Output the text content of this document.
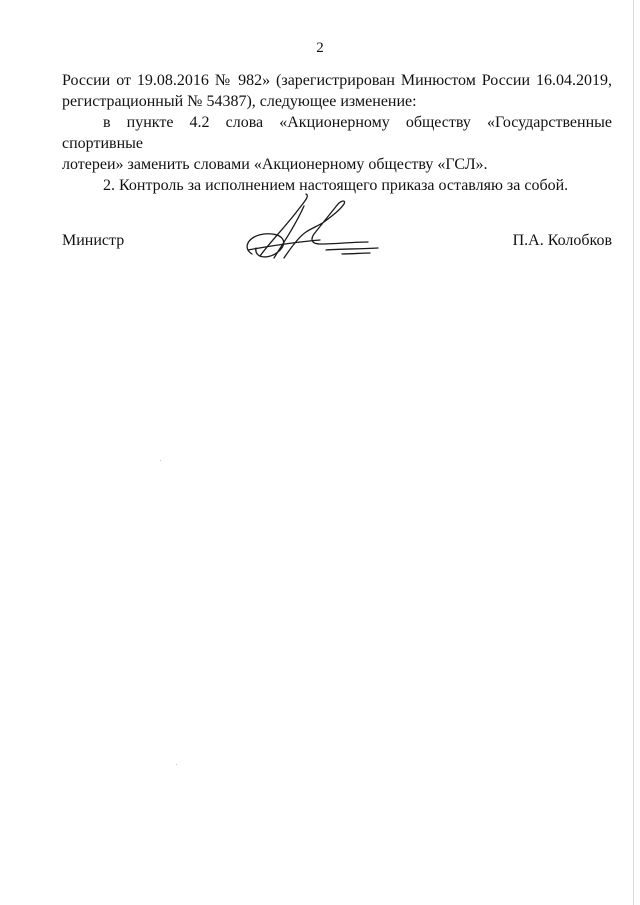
2

России от 19.08.2016 № 982» (зарегистрирован Минюстом России 16.04.2019,
регистрационный № 54387), следующее изменение:

в пункте 4.2 слова «Акционерному обществу «Государственные спортивные
лотереи» заменить словами «Акционерному обществу «ГСЛ».

2. Контроль за исполнением настоящего приказа оставляю за собой.

Министр	П.А. Колобков
